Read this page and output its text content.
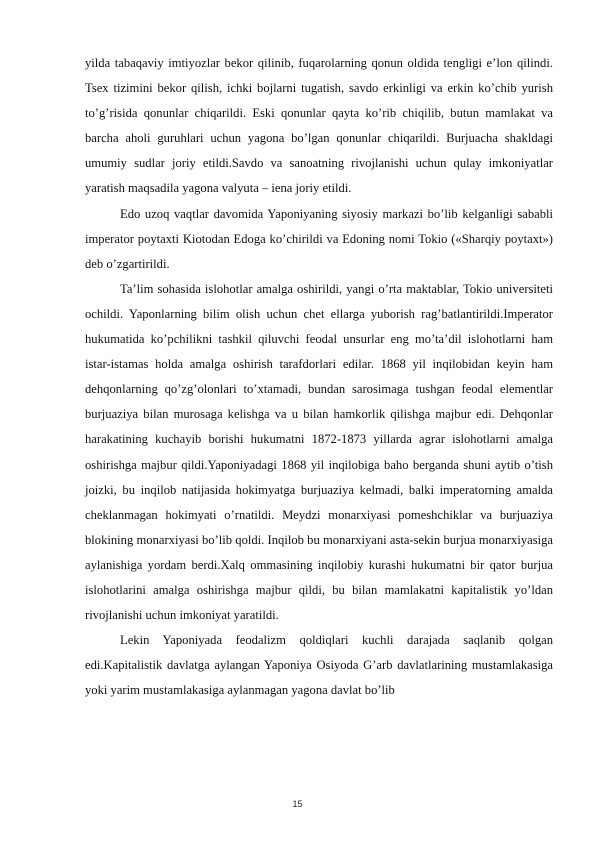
yilda tabaqaviy imtiyozlar bekor qilinib, fuqarolarning qonun oldida tengligi e’lon qilindi. Tsex tizimini bekor qilish, ichki bojlarni tugatish, savdo erkinligi va erkin ko’chib yurish to’g’risida qonunlar chiqarildi. Eski qonunlar qayta ko’rib chiqilib, butun mamlakat va barcha aholi guruhlari uchun yagona bo’lgan qonunlar chiqarildi. Burjuacha shakldagi umumiy sudlar joriy etildi.Savdo va sanoatning rivojlanishi uchun qulay imkoniyatlar yaratish maqsadila yagona valyuta – iena joriy etildi.

Edo uzoq vaqtlar davomida Yaponiyaning siyosiy markazi bo’lib kelganligi sababli imperator poytaxti Kiotodan Edoga ko’chirildi va Edoning nomi Tokio («Sharqiy poytaxt») deb o’zgartirildi.

Ta’lim sohasida islohotlar amalga oshirildi, yangi o’rta maktablar, Tokio universiteti ochildi. Yaponlarning bilim olish uchun chet ellarga yuborish rag’batlantirildi.Imperator hukumatida ko’pchilikni tashkil qiluvchi feodal unsurlar eng mo’ta’dil islohotlarni ham istar-istamas holda amalga oshirish tarafdorlari edilar. 1868 yil inqilobidan keyin ham dehqonlarning qo’zg’olonlari to’xtamadi, bundan sarosimaga tushgan feodal elementlar burjuaziya bilan murosaga kelishga va u bilan hamkorlik qilishga majbur edi. Dehqonlar harakatining kuchayib borishi hukumatni 1872-1873 yillarda agrar islohotlarni amalga oshirishga majbur qildi.Yaponiyadagi 1868 yil inqilobiga baho berganda shuni aytib o’tish joizki, bu inqilob natijasida hokimyatga burjuaziya kelmadi, balki imperatorning amalda cheklanmagan hokimyati o’rnatildi. Meydzi monarxiyasi pomeshchiklar va burjuaziya blokining monarxiyasi bo’lib qoldi. Inqilob bu monarxiyani asta-sekin burjua monarxiyasiga aylanishiga yordam berdi.Xalq ommasining inqilobiy kurashi hukumatni bir qator burjua islohotlarini amalga oshirishga majbur qildi, bu bilan mamlakatni kapitalistik yo’ldan rivojlanishi uchun imkoniyat yaratildi.

Lekin Yaponiyada feodalizm qoldiqlari kuchli darajada saqlanib qolgan edi.Kapitalistik davlatga aylangan Yaponiya Osiyoda G’arb davlatlarining mustamlakasiga yoki yarim mustamlakasiga aylanmagan yagona davlat bo’lib

15
